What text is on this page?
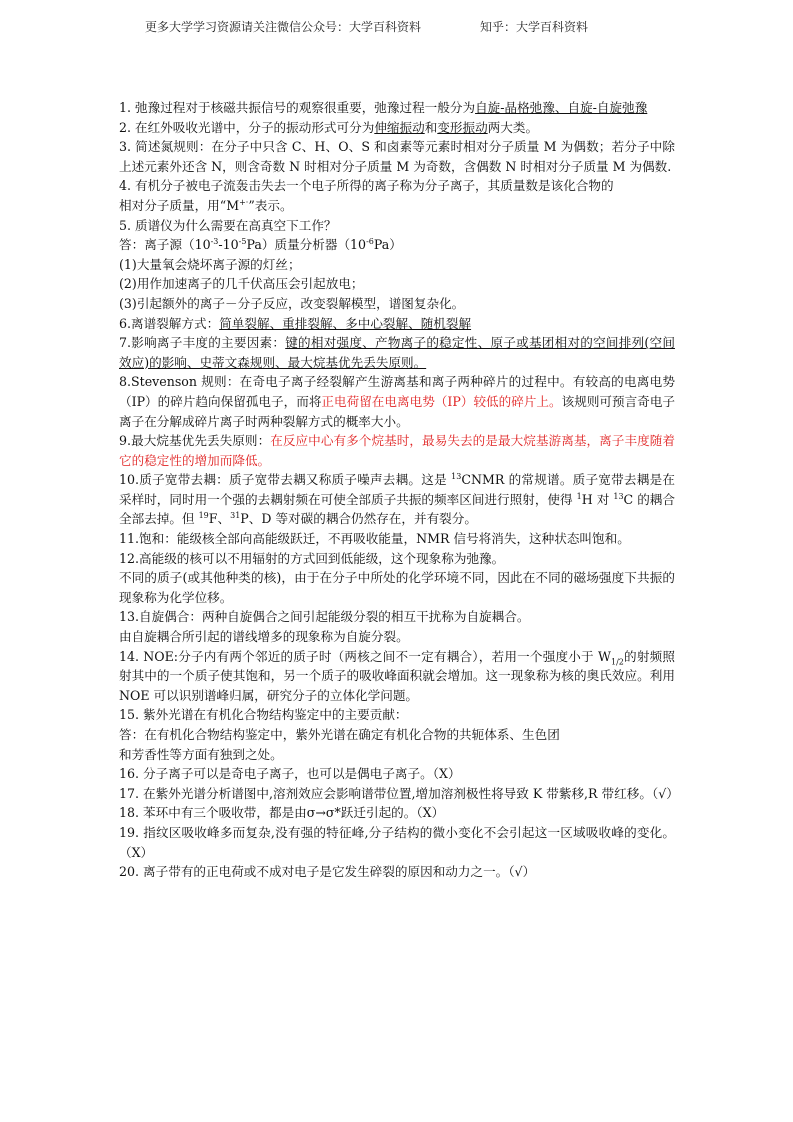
更多大学学习资源请关注微信公众号：大学百科资料	知乎：大学百科资料

1. 弛豫过程对于核磁共振信号的观察很重要，弛豫过程一般分为自旋-晶格弛豫、自旋-自旋弛豫

2. 在红外吸收光谱中，分子的振动形式可分为伸缩振动和变形振动两大类。

3. 简述氮规则：在分子中只含 C、H、O、S 和卤素等元素时相对分子质量 M 为偶数；若分子中除上述元素外还含 N，则含奇数 N 时相对分子质量 M 为奇数，含偶数 N 时相对分子质量 M 为偶数.

4. 有机分子被电子流轰击失去一个电子所得的离子称为分子离子，其质量数是该化合物的

相对分子质量，用“M+·”表示。

5. 质谱仪为什么需要在高真空下工作？

答：离子源$(10^{-3}-10^{-5}Pa)$质量分析器$(10^{-6}Pa)$

(1)大量氧会烧坏离子源的灯丝；

(2)用作加速离子的几千伏高压会引起放电；

(3)引起额外的离子－分子反应，改变裂解模型，谱图复杂化。

6.离谱裂解方式：简单裂解、重排裂解、多中心裂解、随机裂解

7.影响离子丰度的主要因素：键的相对强度、产物离子的稳定性、原子或基团相对的空间排列(空间效应)的影响、史蒂文森规则、最大烷基优先丢失原则。

8.Stevenson 规则：在奇电子离子经裂解产生游离基和离子两种碎片的过程中。有较高的电离电势（IP）的碎片趋向保留孤电子，而将正电荷留在电离电势（IP）较低的碎片上。该规则可预言奇电子离子在分解成碎片离子时两种裂解方式的概率大小。

9.最大烷基优先丢失原则：在反应中心有多个烷基时，最易失去的是最大烷基游离基，离子丰度随着它的稳定性的增加而降低。

10.质子宽带去耦：质子宽带去耦又称质子噪声去耦。这是 $^{13}$CNMR 的常规谱。质子宽带去耦是在采样时，同时用一个强的去耦射频在可使全部质子共振的频率区间进行照射，使得 $^1$H 对 $^{13}$C 的耦合全部去掉。但 $^{19}$F、$^{31}$P、D 等对碳的耦合仍然存在，并有裂分。

11.饱和：能级核全部向高能级跃迁，不再吸收能量，NMR 信号将消失，这种状态叫饱和。

12.高能级的核可以不用辐射的方式回到低能级，这个现象称为弛豫。

不同的质子(或其他种类的核)，由于在分子中所处的化学环境不同，因此在不同的磁场强度下共振的现象称为化学位移。

13.自旋偶合：两种自旋偶合之间引起能级分裂的相互干扰称为自旋耦合。

由自旋耦合所引起的谱线增多的现象称为自旋分裂。

14. NOE:分子内有两个邻近的质子时（两核之间不一定有耦合），若用一个强度小于 $W_{1/2}$的射频照射其中的一个质子使其饱和，另一个质子的吸收峰面积就会增加。这一现象称为核的奥氏效应。利用 NOE 可以识别谱峰归属，研究分子的立体化学问题。

15. 紫外光谱在有机化合物结构鉴定中的主要贡献：

答：在有机化合物结构鉴定中，紫外光谱在确定有机化合物的共轭体系、生色团

和芳香性等方面有独到之处。

16. 分子离子可以是奇电子离子，也可以是偶电子离子。（X）

17. 在紫外光谱分析谱图中,溶剂效应会影响谱带位置,增加溶剂极性将导致 K 带紫移,R 带红移。（√）

18. 苯环中有三个吸收带，都是由σ→σ*跃迁引起的。（X）

19. 指纹区吸收峰多而复杂,没有强的特征峰,分子结构的微小变化不会引起这一区域吸收峰的变化。（X）

20. 离子带有的正电荷或不成对电子是它发生碎裂的原因和动力之一。（√）
